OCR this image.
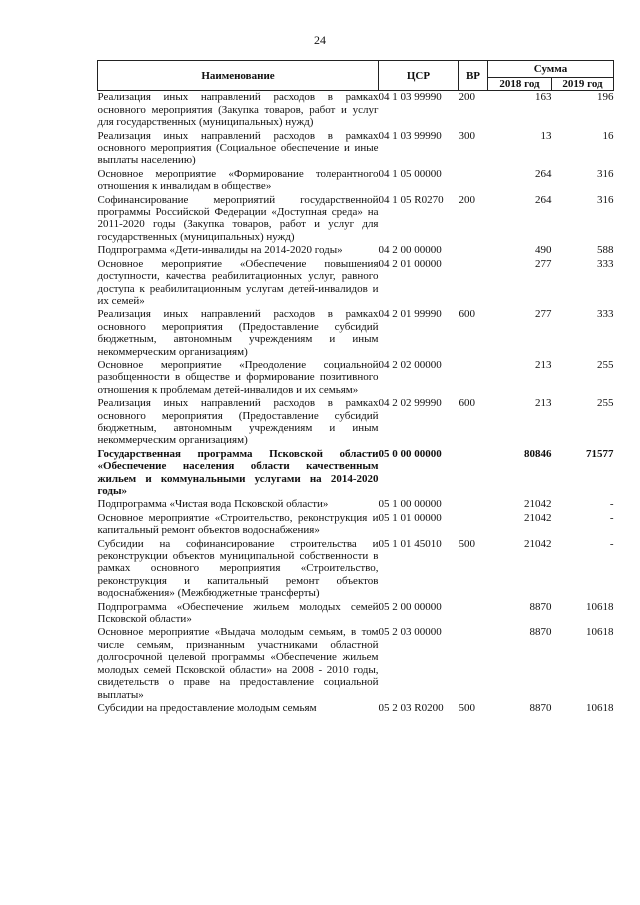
24
Наименование	ЦСР	ВР	Сумма	
			2018 год	2019 год
Реализация иных направлений расходов в рамках основного мероприятия (Закупка товаров, работ и услуг для государственных (муниципальных) нужд)	04 1 03 99990	200	163	196
Реализация иных направлений расходов в рамках основного мероприятия (Социальное обеспечение и иные выплаты населению)	04 1 03 99990	300	13	16
Основное мероприятие «Формирование толерантного отношения к инвалидам в обществе»	04 1 05 00000		264	316
Софинансирование мероприятий государственной программы Российской Федерации «Доступная среда» на 2011-2020 годы (Закупка товаров, работ и услуг для государственных (муниципальных) нужд)	04 1 05 R0270	200	264	316
Подпрограмма «Дети-инвалиды на 2014-2020 годы»	04 2 00 00000		490	588
Основное мероприятие «Обеспечение повышения доступности, качества реабилитационных услуг, равного доступа к реабилитационным услугам детей-инвалидов и их семей»	04 2 01 00000		277	333
Реализация иных направлений расходов в рамках основного мероприятия (Предоставление субсидий бюджетным, автономным учреждениям и иным некоммерческим организациям)	04 2 01 99990	600	277	333
Основное мероприятие «Преодоление социальной разобщенности в обществе и формирование позитивного отношения к проблемам детей-инвалидов и их семьям»	04 2 02 00000		213	255
Реализация иных направлений расходов в рамках основного мероприятия (Предоставление субсидий бюджетным, автономным учреждениям и иным некоммерческим организациям)	04 2 02 99990	600	213	255
Государственная программа Псковской области «Обеспечение населения области качественным жильем и коммунальными услугами на 2014-2020 годы»	05 0 00 00000		80846	71577
Подпрограмма «Чистая вода Псковской области»	05 1 00 00000		21042	-
Основное мероприятие «Строительство, реконструкция и капитальный ремонт объектов водоснабжения»	05 1 01 00000		21042	-
Субсидии на софинансирование строительства и реконструкции объектов муниципальной собственности в рамках основного мероприятия «Строительство, реконструкция и капитальный ремонт объектов водоснабжения» (Межбюджетные трансферты)	05 1 01 45010	500	21042	-
Подпрограмма «Обеспечение жильем молодых семей Псковской области»	05 2 00 00000		8870	10618
Основное мероприятие «Выдача молодым семьям, в том числе семьям, признанным участниками областной долгосрочной целевой программы «Обеспечение жильем молодых семей Псковской области» на 2008 - 2010 годы, свидетельств о праве на предоставление социальной выплаты»	05 2 03 00000		8870	10618
Субсидии на предоставление молодым семьям	05 2 03 R0200	500	8870	10618
